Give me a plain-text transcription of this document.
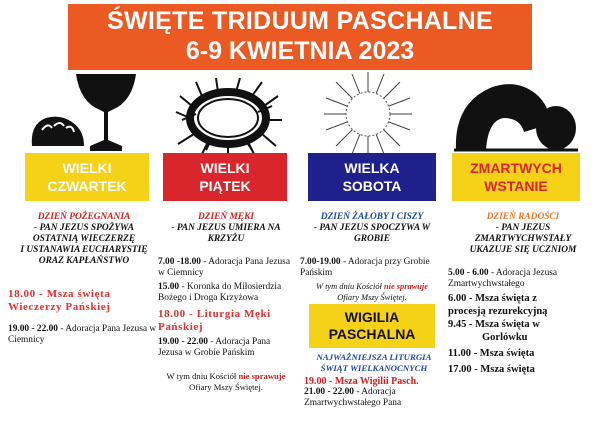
ŚWIĘTE TRIDUUM PASCHALNE
6-9 KWIETNIA 2023
WIELKI
CZWARTEK
WIELKI
PIĄTEK
WIELKA
SOBOTA
ZMARTWYCH
WSTANIE

DZIEŃ POŻEGNANIA

- PAN JEZUS SPOŻYWA

OSTATNIĄ WIECZERZĘ

I USTANAWIA EUCHARYSTIĘ

ORAZ KAPŁAŃSTWO

18.00 - Msza święta

Wieczerzy Pańskiej

19.00 - 22.00 - Adoracja Pana Jezusa w Ciemnicy

DZIEŃ MĘKI

- PAN JEZUS UMIERA NA

KRZYŻU

7.00 -18.00 - Adoracja Pana Jezusa w Ciemnicy

15.00 - Koronka do Miłosierdzia Bożego i Droga Krzyżowa

18.00 - Liturgia Męki

Pańskiej

19.00 - 22.00 - Adoracja Pana Jezusa w Grobie Pańskim

W tym dniu Kościół nie sprawuje

Ofiary Mszy Świętej.

DZIEŃ ŻAŁOBY I CISZY

- PAN JEZUS SPOCZYWA W

GROBIE

7.00-19.00 - Adoracja przy Grobie Pańskim

W tym dniu Kościół nie sprawuje

Ofiary Mszy Świętej.

WIGILIA
PASCHALNA

NAJWAŻNIEJSZA LITURGIA

ŚWIĄT WIELKANOCNYCH

19.00 - Msza Wigilii Pasch.

21.00 - 22.00 - Adoracja Zmartwychwstałego Pana

DZIEŃ RADOŚCI

- PAN JEZUS

ZMARTWYCHWSTAŁY

UKAZUJE SIĘ UCZNIOM

5.00 - 6.00 - Adoracja Jezusa Zmartwychwstałego

6.00 - Msza święta z

procesją rezurekcyjną

9.45 - Msza święta w

Gorlówku

11.00 - Msza święta

17.00 - Msza święta
